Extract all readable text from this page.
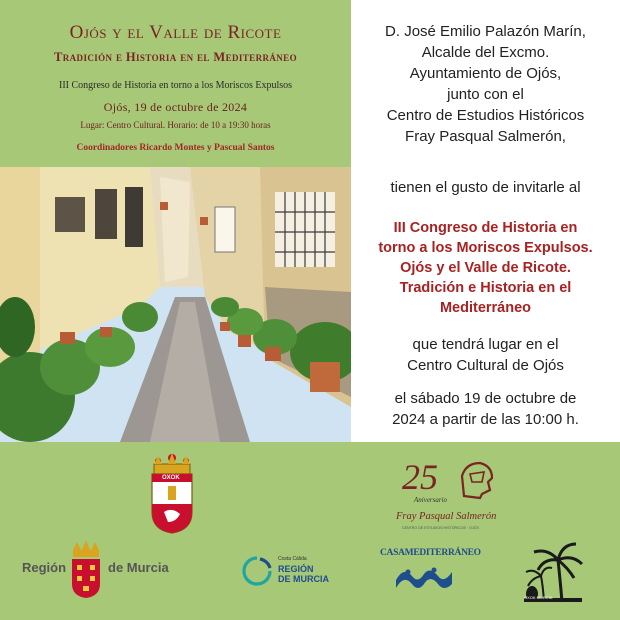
Ojós y el Valle de Ricote
Tradición e Historia en el Mediterráneo
III Congreso de Historia en torno a los Moriscos Expulsos
Ojós, 19 de octubre de 2024
Lugar: Centro Cultural. Horario: de 10 a 19:30 horas
Coordinadores Ricardo Montes y Pascual Santos
D. José Emilio Palazón Marín,
Alcalde del Excmo.
Ayuntamiento de Ojós,
junto con el
Centro de Estudios Históricos
Fray Pasqual Salmerón,
tienen el gusto de invitarle al
III Congreso de Historia en
torno a los Moriscos Expulsos.
Ojós y el Valle de Ricote.
Tradición e Historia en el
Mediterráneo
que tendrá lugar en el
Centro Cultural de Ojós
el sábado 19 de octubre de
2024 a partir de las 10:00 h.
OXOK	25
Aniversario
Fray Pasqual Salmerón
CENTRO DE ESTUDIOS HISTÓRICOS · OJÓS
Región	de Murcia
Costa Cálida
REGIÓN
DE MURCIA
CASAMEDITERRÁNEO
OXOK MURCIA
